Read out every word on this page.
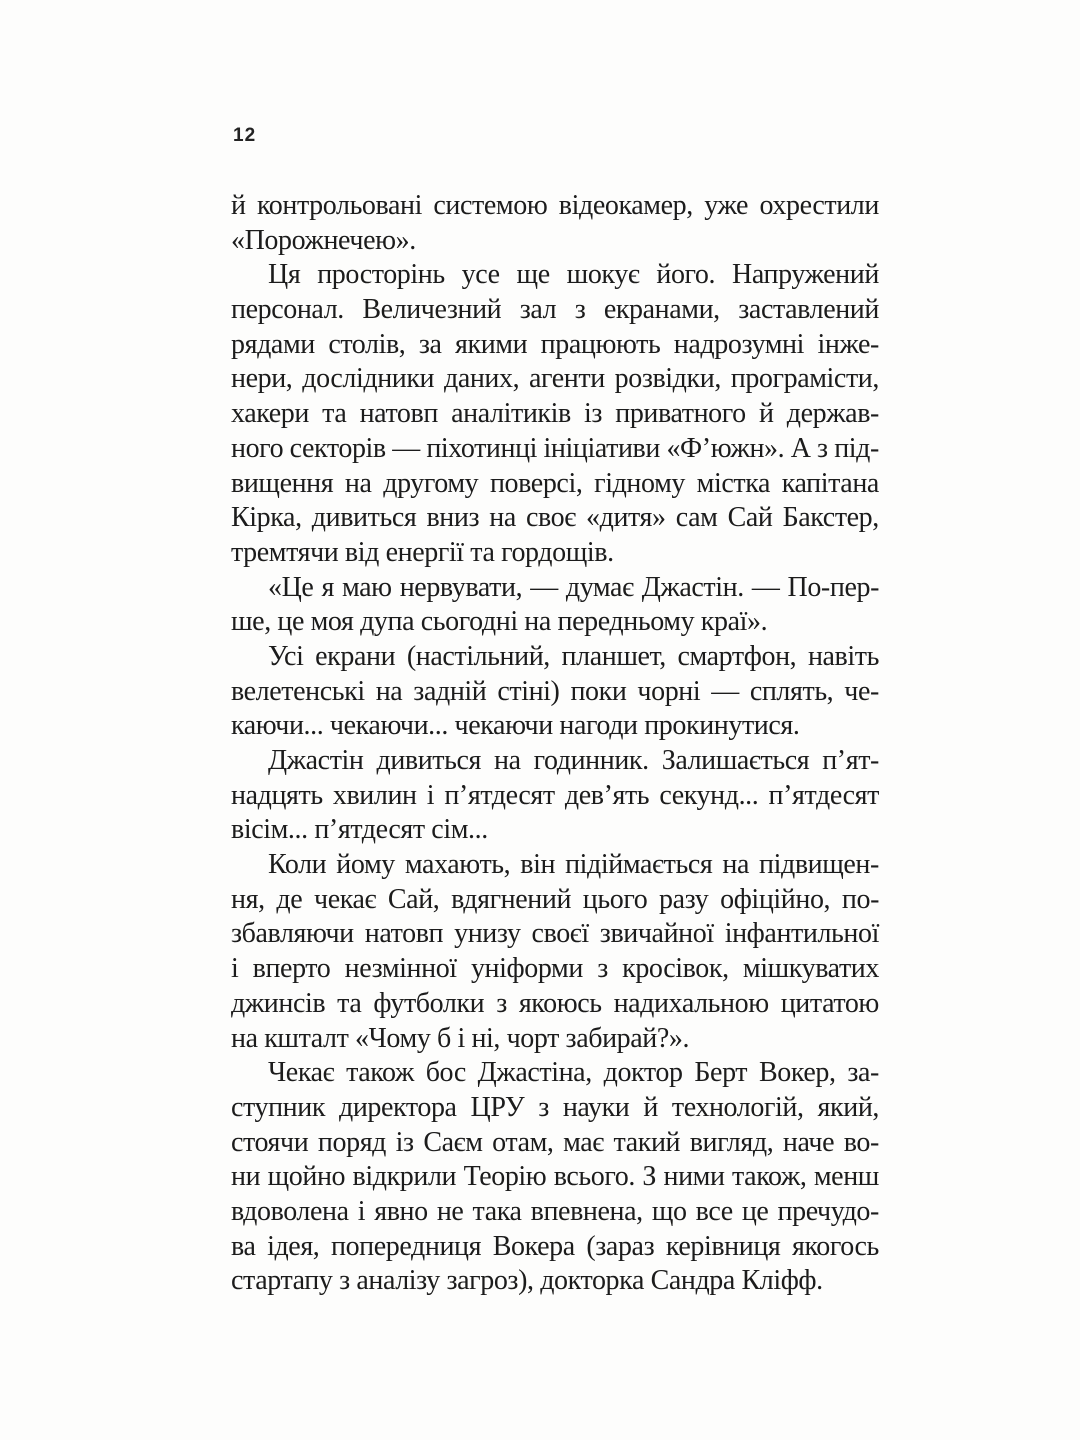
12
й контрольовані системою відеокамер, уже охрестили
«Порожнечею».
Ця просторінь усе ще шокує його. Напружений
персонал. Величезний зал з екранами, заставлений
рядами столів, за якими працюють надрозумні інже-
нери, дослідники даних, агенти розвідки, програмісти,
хакери та натовп аналітиків із приватного й держав-
ного секторів — піхотинці ініціативи «Ф’южн». А з під-
вищення на другому поверсі, гідному містка капітана
Кірка, дивиться вниз на своє «дитя» сам Сай Бакстер,
тремтячи від енергії та гордощів.
«Це я маю нервувати, — думає Джастін. — По-пер-
ше, це моя дупа сьогодні на передньому краї».
Усі екрани (настільний, планшет, смартфон, навіть
велетенські на задній стіні) поки чорні — сплять, че-
каючи... чекаючи... чекаючи нагоди прокинутися.
Джастін дивиться на годинник. Залишається п’ят-
надцять хвилин і п’ятдесят дев’ять секунд... п’ятдесят
вісім... п’ятдесят сім...
Коли йому махають, він підіймається на підвищен-
ня, де чекає Сай, вдягнений цього разу офіційно, по-
збавляючи натовп унизу своєї звичайної інфантильної
і вперто незмінної уніформи з кросівок, мішкуватих
джинсів та футболки з якоюсь надихальною цитатою
на кшталт «Чому б і ні, чорт забирай?».
Чекає також бос Джастіна, доктор Берт Вокер, за-
ступник директора ЦРУ з науки й технологій, який,
стоячи поряд із Саєм отам, має такий вигляд, наче во-
ни щойно відкрили Теорію всього. З ними також, менш
вдоволена і явно не така впевнена, що все це пречудо-
ва ідея, попередниця Вокера (зараз керівниця якогось
стартапу з аналізу загроз), докторка Сандра Кліфф.
